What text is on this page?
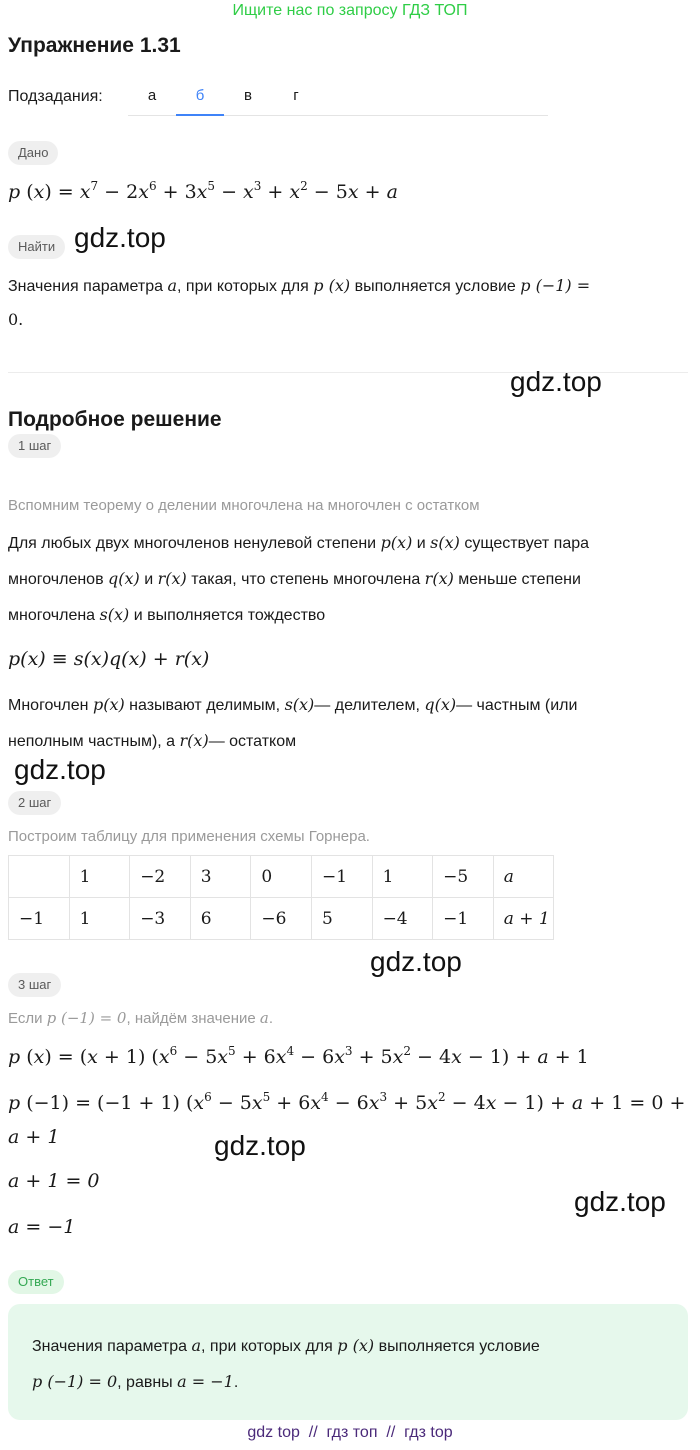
Ищите нас по запросу ГДЗ ТОП
Упражнение 1.31
Подзадания:	а	б	в	г
Дано
p $(x) = x^7 - 2x^6 + 3x^5 - x^3 + x^2 - 5x + a$
Найти gdz.top
Значения параметра a, при которых для p (x) выполняется условие p (−1) =
0.
gdz.top
Подробное решение
1 шаг
Вспомним теорему о делении многочлена на многочлен с остатком
Для любых двух многочленов ненулевой степени p(x) и s(x) существует пара
многочленов q(x) и r(x) такая, что степень многочлена r(x) меньше степени
многочлена s(x) и выполняется тождество
p(x) ≡ s(x)q(x) + r(x)
Многочлен p(x) называют делимым, s(x)— делителем, q(x)— частным (или
неполным частным), а r(x)— остатком
gdz.top
2 шаг
Построим таблицу для применения схемы Горнера.
	1	−2	3	0	−1	1	−5	a
−1	1	−3	6	−6	5	−4	−1	a + 1
gdz.top
3 шаг
Если p (−1) = 0, найдём значение a.
p (x) = (x + 1) $(x^6 - 5x^5 + 6x^4 - 6x^3 + 5x^2 - 4x - 1) + a + 1$
p (−1) = (−1 + 1) $(x^6 - 5x^5 + 6x^4 - 6x^3 + 5x^2 - 4x - 1) + a + 1 = 0$ +
a + 1	gdz.top
a + 1 = 0
gdz.top
a = −1
Ответ
Значения параметра a, при которых для p (x) выполняется условие
p (−1) = 0, равны a = −1.
gdz top  //  гдз топ  //  гдз top
